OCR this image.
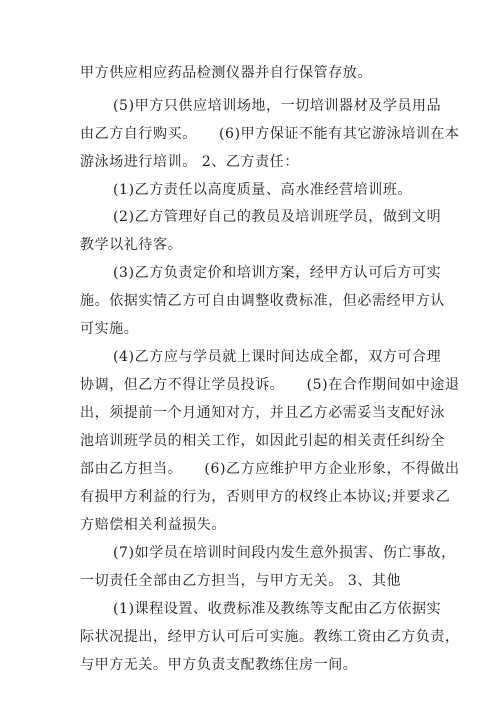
甲方供应相应药品检测仪器并自行保管存放。
(5)甲方只供应培训场地，一切培训器材及学员用品
由乙方自行购买。　　(6)甲方保证不能有其它游泳培训在本
游泳场进行培训。 2、乙方责任：
(1)乙方责任以高度质量、高水准经营培训班。
(2)乙方管理好自己的教员及培训班学员，做到文明
教学以礼待客。
(3)乙方负责定价和培训方案，经甲方认可后方可实
施。依据实情乙方可自由调整收费标准，但必需经甲方认
可实施。
(4)乙方应与学员就上课时间达成全都，双方可合理
协调，但乙方不得让学员投诉。　　(5)在合作期间如中途退
出，须提前一个月通知对方，并且乙方必需妥当支配好泳
池培训班学员的相关工作，如因此引起的相关责任纠纷全
部由乙方担当。　　(6)乙方应维护甲方企业形象，不得做出
有损甲方利益的行为，否则甲方的权终止本协议;并要求乙
方赔偿相关利益损失。
(7)如学员在培训时间段内发生意外损害、伤亡事故，
一切责任全部由乙方担当，与甲方无关。 3、其他
(1)课程设置、收费标准及教练等支配由乙方依据实
际状况提出，经甲方认可后可实施。教练工资由乙方负责，
与甲方无关。甲方负责支配教练住房一间。
